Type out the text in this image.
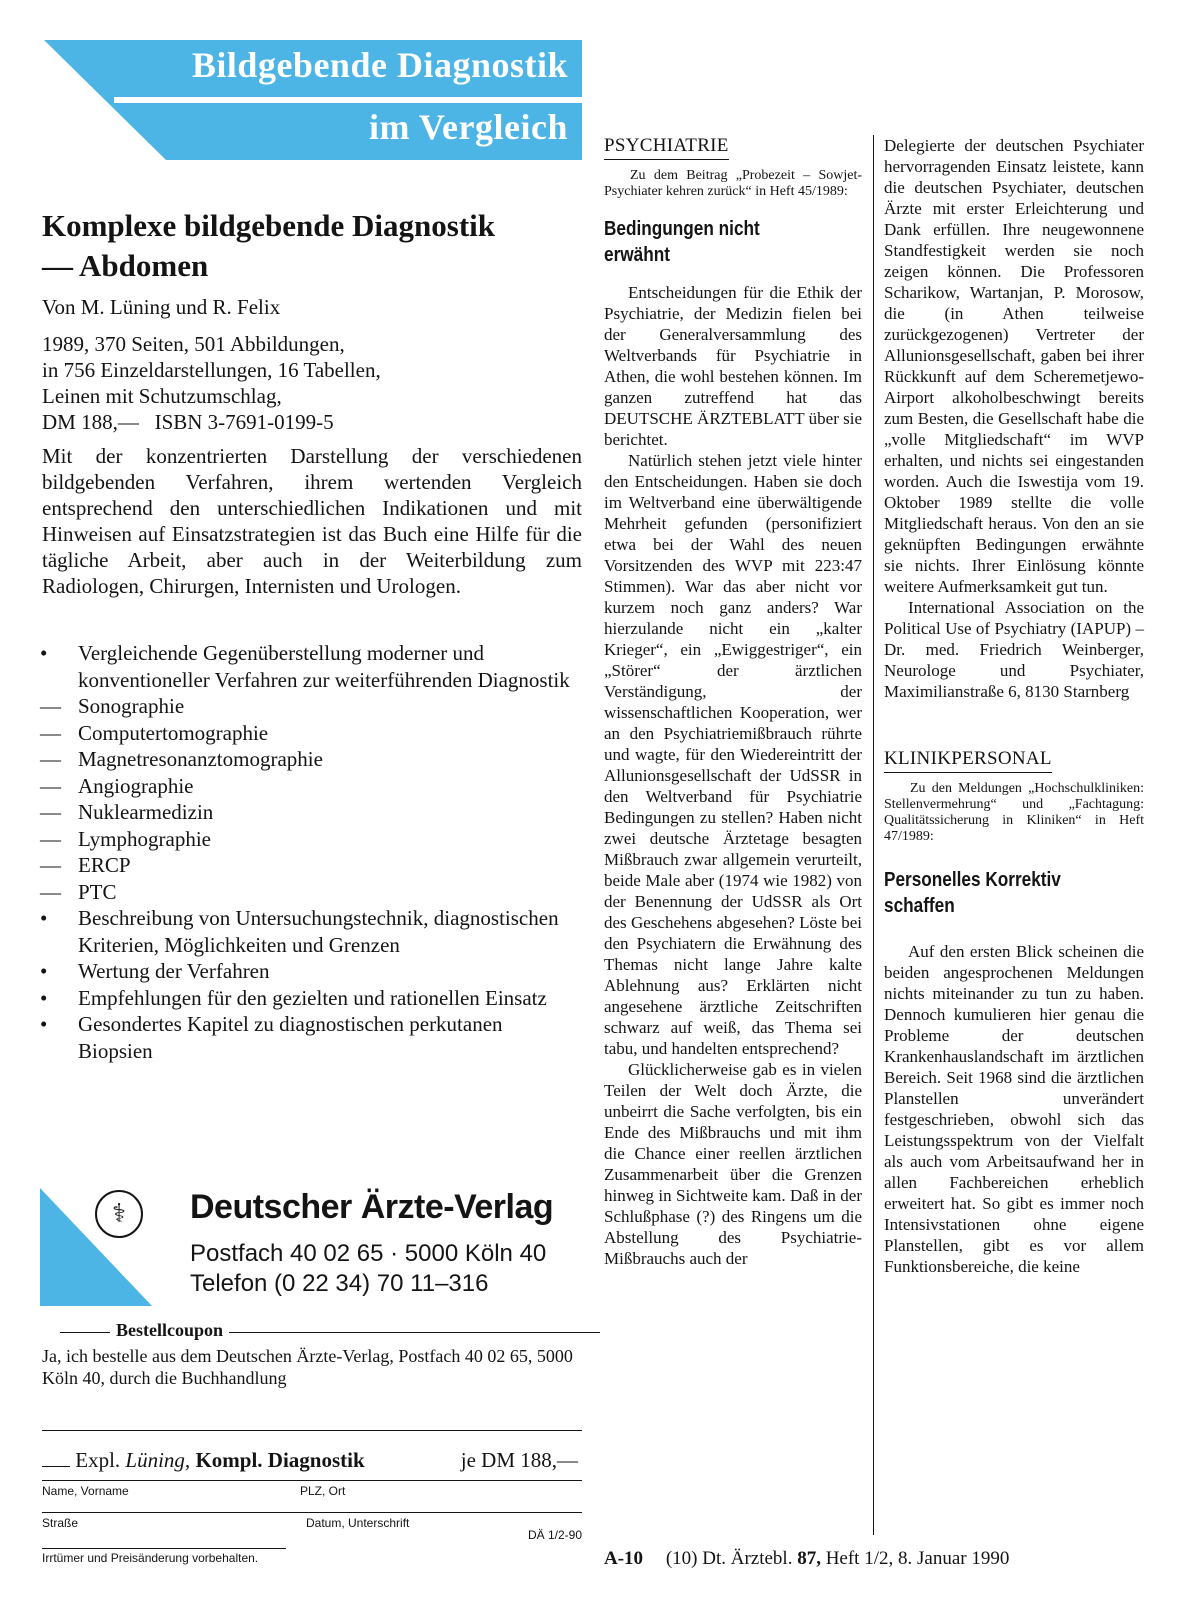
Bildgebende Diagnostik
im Vergleich
Komplexe bildgebende Diagnostik
— Abdomen
Von M. Lüning und R. Felix
1989, 370 Seiten, 501 Abbildungen,
in 756 Einzeldarstellungen, 16 Tabellen,
Leinen mit Schutzumschlag,
DM 188,—   ISBN 3-7691-0199-5
Mit der konzentrierten Darstellung der verschiedenen bildgebenden Verfahren, ihrem wertenden Vergleich entsprechend den unterschiedlichen Indikationen und mit Hinweisen auf Einsatzstrategien ist das Buch eine Hilfe für die tägliche Arbeit, aber auch in der Weiterbildung zum Radiologen, Chirurgen, Internisten und Urologen.
•	Vergleichende Gegenüberstellung moderner und konventioneller Verfahren zur weiterführenden Diagnostik
— Sonographie
— Computertomographie
— Magnetresonanztomographie
— Angiographie
— Nuklearmedizin
— Lymphographie
— ERCP
— PTC
•	Beschreibung von Untersuchungstechnik, diagnostischen Kriterien, Möglichkeiten und Grenzen
•	Wertung der Verfahren
•	Empfehlungen für den gezielten und rationellen Einsatz
•	Gesondertes Kapitel zu diagnostischen perkutanen Biopsien
⚕	Deutscher Ärzte-Verlag
Postfach 40 02 65 · 5000 Köln 40
Telefon (0 22 34) 70 11–316
Bestellcoupon
Ja, ich bestelle aus dem Deutschen Ärzte-Verlag, Postfach 40 02 65, 5000 Köln 40, durch die Buchhandlung
Expl. Lüning, Kompl. Diagnostik	je DM 188,—
Name, Vorname	PLZ, Ort
Straße	Datum, Unterschrift
DÄ 1/2-90
Irrtümer und Preisänderung vorbehalten.
PSYCHIATRIE
Zu dem Beitrag „Probezeit – Sowjet-Psychiater kehren zurück“ in Heft 45/1989:
Bedingungen nicht
erwähnt

Entscheidungen für die Ethik der Psychiatrie, der Medizin fielen bei der Generalversammlung des Weltverbands für Psychiatrie in Athen, die wohl bestehen können. Im ganzen zutreffend hat das DEUTSCHE ÄRZTEBLATT über sie berichtet.

Natürlich stehen jetzt viele hinter den Entscheidungen. Haben sie doch im Weltverband eine überwältigende Mehrheit gefunden (personifiziert etwa bei der Wahl des neuen Vorsitzenden des WVP mit 223:47 Stimmen). War das aber nicht vor kurzem noch ganz anders? War hierzulande nicht ein „kalter Krieger“, ein „Ewiggestriger“, ein „Störer“ der ärztlichen Verständigung, der wissenschaftlichen Kooperation, wer an den Psychiatriemißbrauch rührte und wagte, für den Wiedereintritt der Allunionsgesellschaft der UdSSR in den Weltverband für Psychiatrie Bedingungen zu stellen? Haben nicht zwei deutsche Ärztetage besagten Mißbrauch zwar allgemein verurteilt, beide Male aber (1974 wie 1982) von der Benennung der UdSSR als Ort des Geschehens abgesehen? Löste bei den Psychiatern die Erwähnung des Themas nicht lange Jahre kalte Ablehnung aus? Erklärten nicht angesehene ärztliche Zeitschriften schwarz auf weiß, das Thema sei tabu, und handelten entsprechend?

Glücklicherweise gab es in vielen Teilen der Welt doch Ärzte, die unbeirrt die Sache verfolgten, bis ein Ende des Mißbrauchs und mit ihm die Chance einer reellen ärztlichen Zusammenarbeit über die Grenzen hinweg in Sichtweite kam. Daß in der Schlußphase (?) des Ringens um die Abstellung des Psychiatrie-Mißbrauchs auch der

Delegierte der deutschen Psychiater hervorragenden Einsatz leistete, kann die deutschen Psychiater, deutschen Ärzte mit erster Erleichterung und Dank erfüllen. Ihre neugewonnene Standfestigkeit werden sie noch zeigen können. Die Professoren Scharikow, Wartanjan, P. Morosow, die (in Athen teilweise zurückgezogenen) Vertreter der Allunionsgesellschaft, gaben bei ihrer Rückkunft auf dem Scheremetjewo-Airport alkoholbeschwingt bereits zum Besten, die Gesellschaft habe die „volle Mitgliedschaft“ im WVP erhalten, und nichts sei eingestanden worden. Auch die Iswestija vom 19. Oktober 1989 stellte die volle Mitgliedschaft heraus. Von den an sie geknüpften Bedingungen erwähnte sie nichts. Ihrer Einlösung könnte weitere Aufmerksamkeit gut tun.

International Association on the Political Use of Psychiatry (IAPUP) – Dr. med. Friedrich Weinberger, Neurologe und Psychiater, Maximilianstraße 6, 8130 Starnberg

KLINIKPERSONAL
Zu den Meldungen „Hochschulkliniken: Stellenvermehrung“ und „Fachtagung: Qualitätssicherung in Kliniken“ in Heft 47/1989:
Personelles Korrektiv
schaffen

Auf den ersten Blick scheinen die beiden angesprochenen Meldungen nichts miteinander zu tun zu haben. Dennoch kumulieren hier genau die Probleme der deutschen Krankenhauslandschaft im ärztlichen Bereich. Seit 1968 sind die ärztlichen Planstellen unverändert festgeschrieben, obwohl sich das Leistungsspektrum von der Vielfalt als auch vom Arbeitsaufwand her in allen Fachbereichen erheblich erweitert hat. So gibt es immer noch Intensivstationen ohne eigene Planstellen, gibt es vor allem Funktionsbereiche, die keine

A-10 (10) Dt. Ärztebl. 87, Heft 1/2, 8. Januar 1990
